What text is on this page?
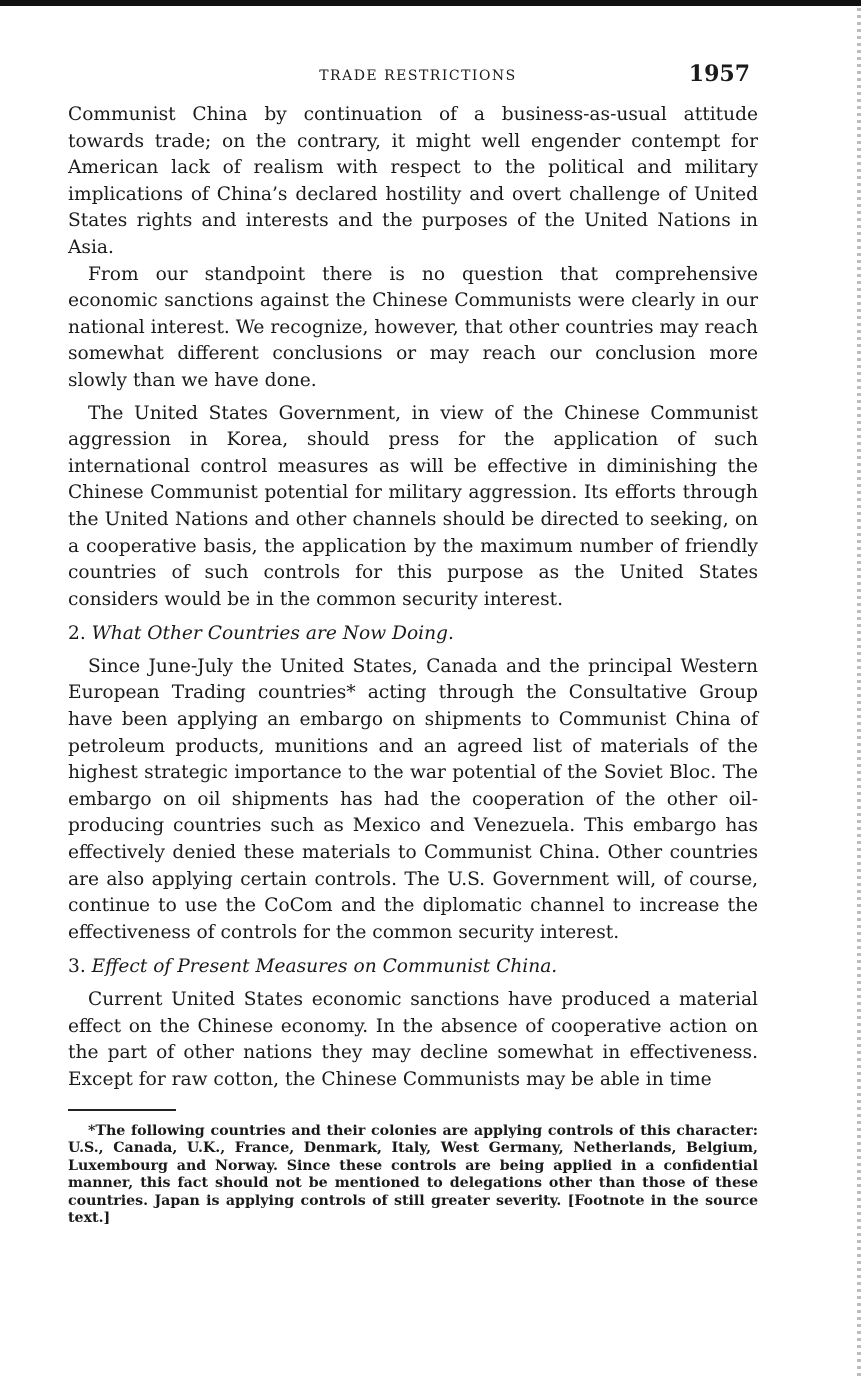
TRADE RESTRICTIONS	1957

Communist China by continuation of a business-as-usual attitude towards trade; on the contrary, it might well engender contempt for American lack of realism with respect to the political and military implications of China’s declared hostility and overt challenge of United States rights and interests and the purposes of the United Nations in Asia.

From our standpoint there is no question that comprehensive economic sanctions against the Chinese Communists were clearly in our national interest. We recognize, however, that other countries may reach somewhat different conclusions or may reach our conclusion more slowly than we have done.

The United States Government, in view of the Chinese Communist aggression in Korea, should press for the application of such international control measures as will be effective in diminishing the Chinese Communist potential for military aggression. Its efforts through the United Nations and other channels should be directed to seeking, on a cooperative basis, the application by the maximum number of friendly countries of such controls for this purpose as the United States considers would be in the common security interest.

2. What Other Countries are Now Doing.

Since June-July the United States, Canada and the principal Western European Trading countries* acting through the Consultative Group have been applying an embargo on shipments to Communist China of petroleum products, munitions and an agreed list of materials of the highest strategic importance to the war potential of the Soviet Bloc. The embargo on oil shipments has had the cooperation of the other oil-producing countries such as Mexico and Venezuela. This embargo has effectively denied these materials to Communist China. Other countries are also applying certain controls. The U.S. Government will, of course, continue to use the CoCom and the diplomatic channel to increase the effectiveness of controls for the common security interest.

3. Effect of Present Measures on Communist China.

Current United States economic sanctions have produced a material effect on the Chinese economy. In the absence of cooperative action on the part of other nations they may decline somewhat in effectiveness. Except for raw cotton, the Chinese Communists may be able in time

*The following countries and their colonies are applying controls of this character: U.S., Canada, U.K., France, Denmark, Italy, West Germany, Netherlands, Belgium, Luxembourg and Norway. Since these controls are being applied in a confidential manner, this fact should not be mentioned to delegations other than those of these countries. Japan is applying controls of still greater severity. [Footnote in the source text.]
